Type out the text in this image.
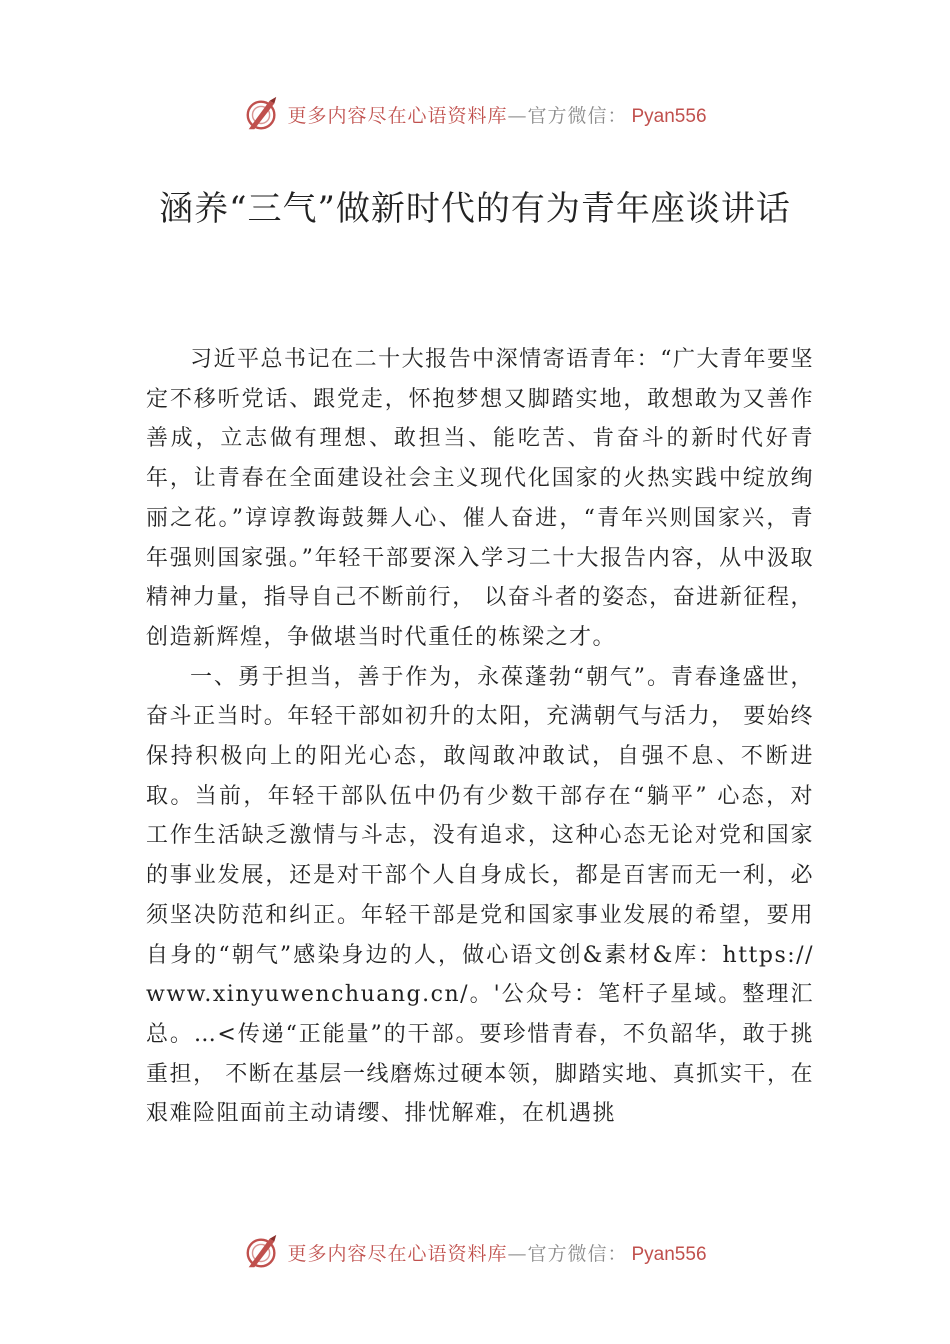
更多内容尽在心语资料库—官方微信： Pyan556
涵养“三气”做新时代的有为青年座谈讲话

习近平总书记在二十大报告中深情寄语青年：“广大青年要坚定不移听党话、跟党走，怀抱梦想又脚踏实地，敢想敢为又善作善成，立志做有理想、敢担当、能吃苦、肯奋斗的新时代好青年，让青春在全面建设社会主义现代化国家的火热实践中绽放绚丽之花。”谆谆教诲鼓舞人心、催人奋进，“青年兴则国家兴，青年强则国家强。”年轻干部要深入学习二十大报告内容，从中汲取精神力量，指导自己不断前行， 以奋斗者的姿态，奋进新征程，创造新辉煌，争做堪当时代重任的栋梁之才。

一、勇于担当，善于作为，永葆蓬勃“朝气”。青春逢盛世，奋斗正当时。年轻干部如初升的太阳，充满朝气与活力， 要始终保持积极向上的阳光心态，敢闯敢冲敢试，自强不息、不断进取。当前，年轻干部队伍中仍有少数干部存在“躺平” 心态，对工作生活缺乏激情与斗志，没有追求，这种心态无论对党和国家的事业发展，还是对干部个人自身成长，都是百害而无一利，必须坚决防范和纠正。年轻干部是党和国家事业发展的希望，要用自身的“朝气”感染身边的人，做心语文创&素材&库：https://www.xinyuwenchuang.cn/。'公众号：笔杆子星域。整理汇总。…<传递“正能量”的干部。要珍惜青春，不负韶华，敢于挑重担， 不断在基层一线磨炼过硬本领，脚踏实地、真抓实干，在艰难险阻面前主动请缨、排忧解难，在机遇挑

更多内容尽在心语资料库—官方微信： Pyan556
